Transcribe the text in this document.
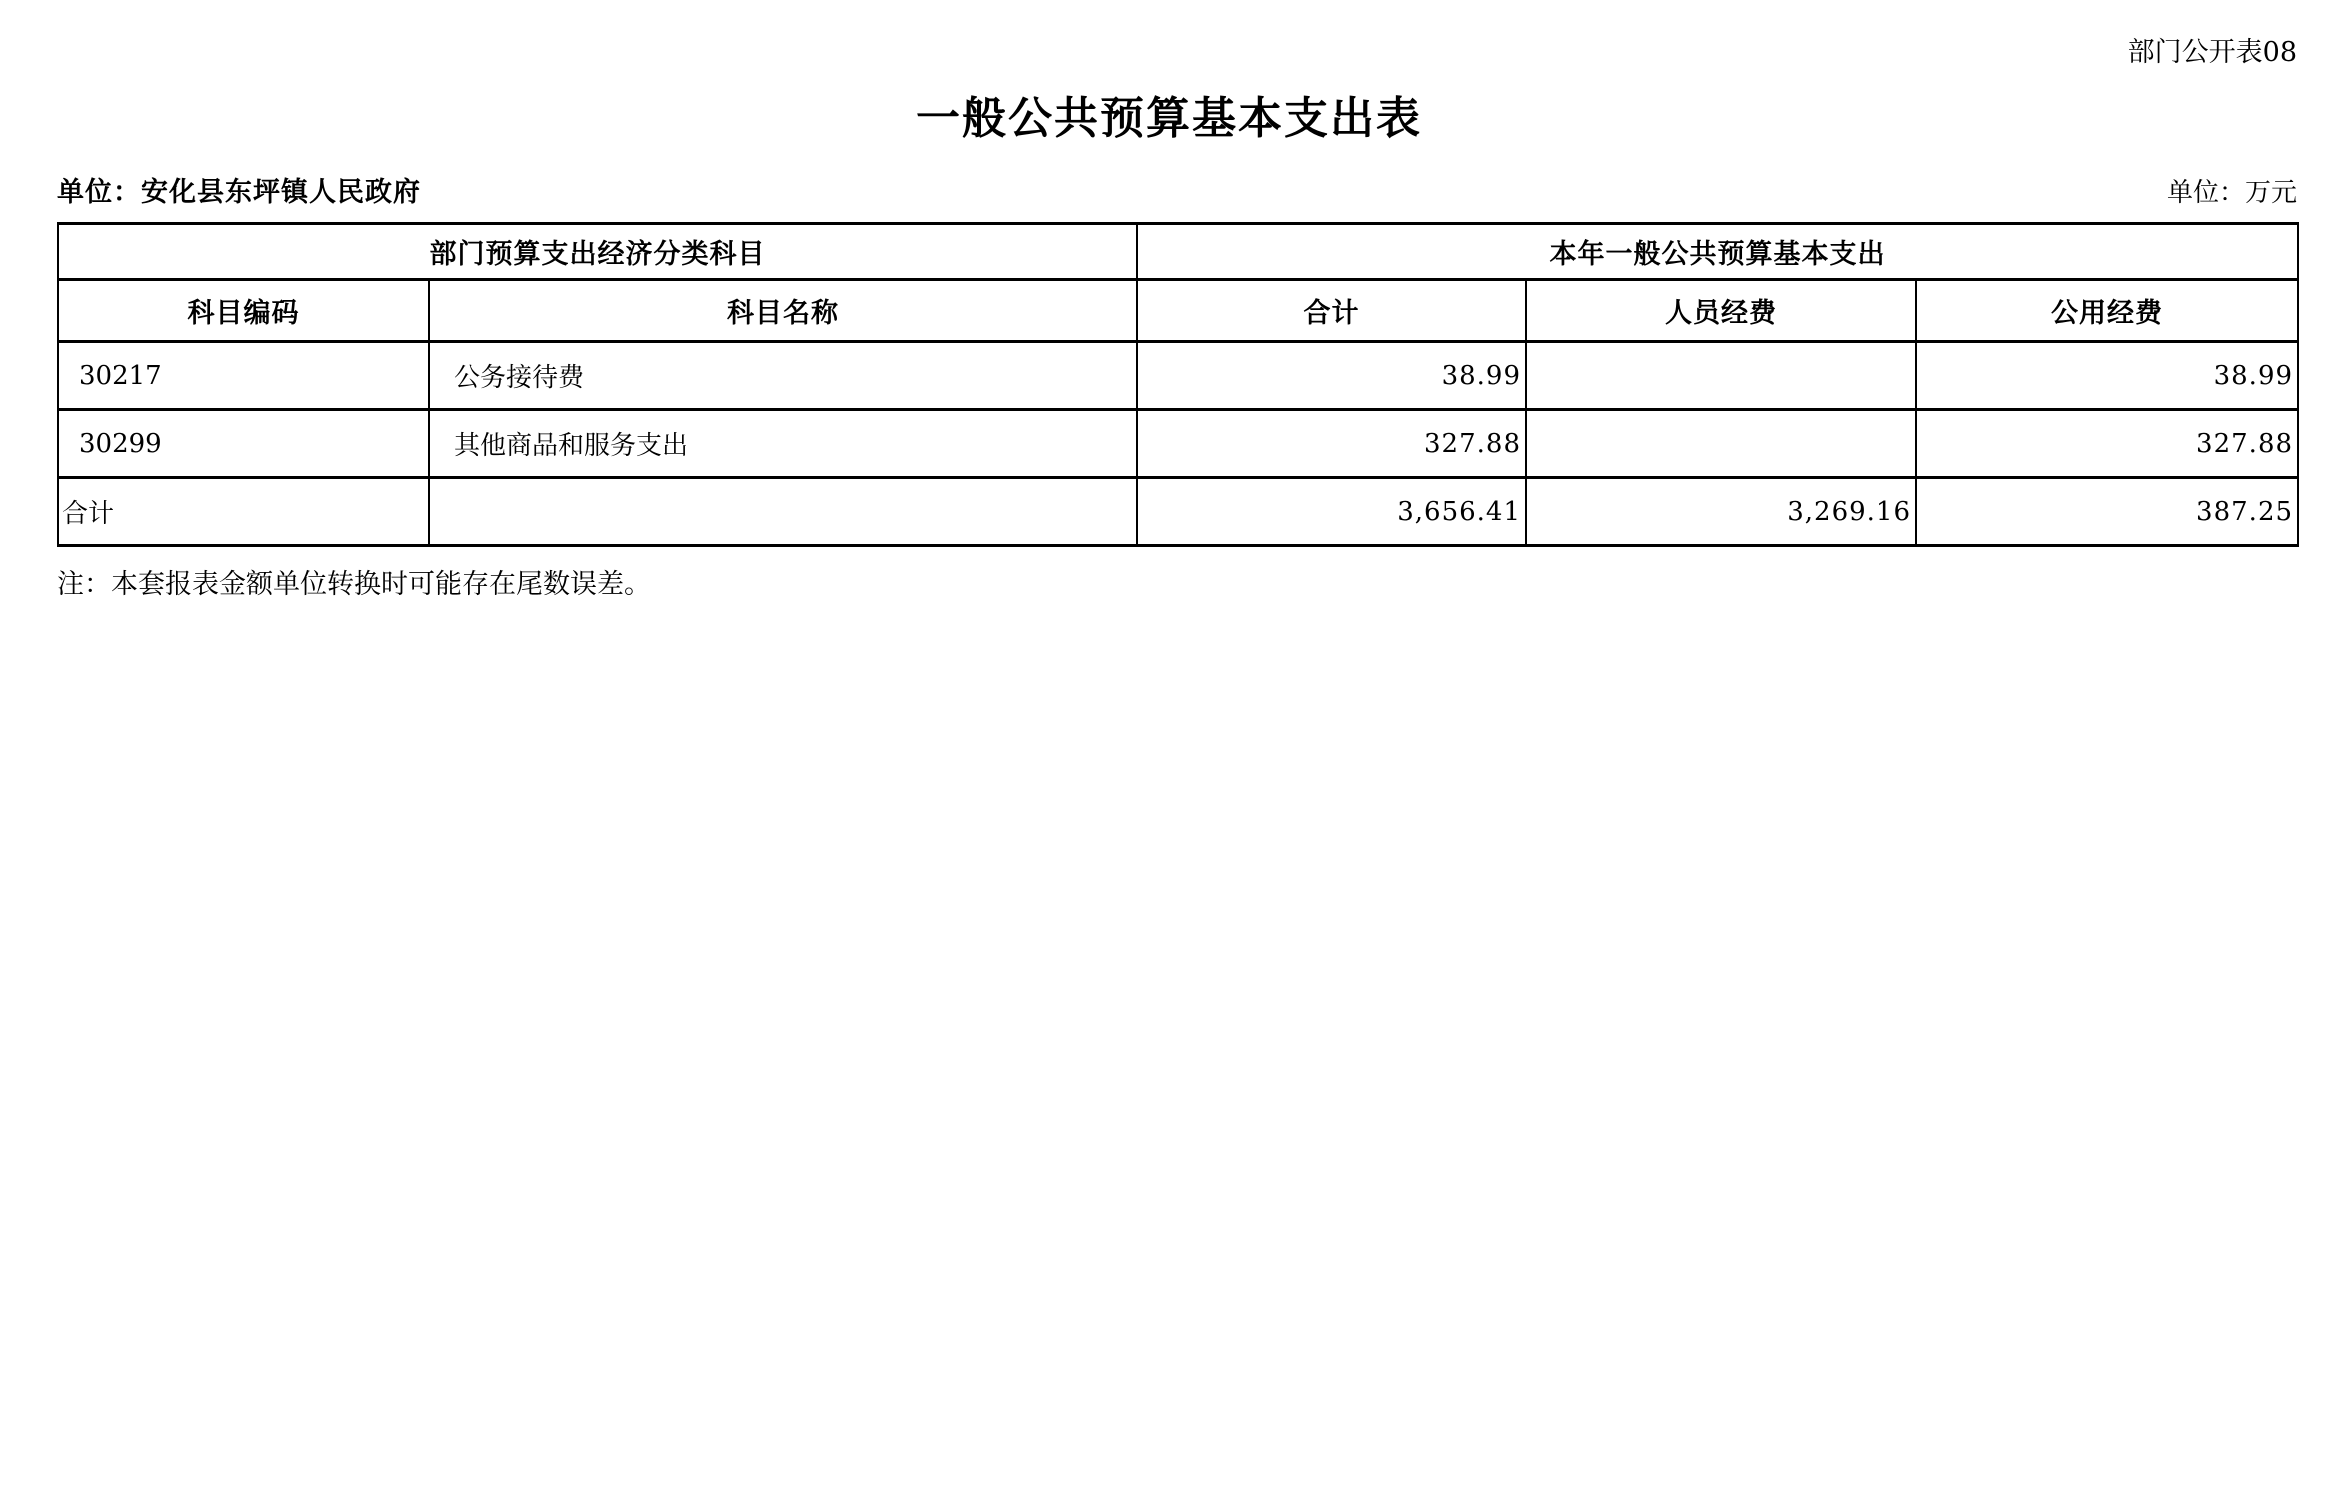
部门公开表08
一般公共预算基本支出表
单位：安化县东坪镇人民政府	单位：万元
部门预算支出经济分类科目		本年一般公共预算基本支出		
科目编码	科目名称	合计	人员经费	公用经费
30217	公务接待费	38.99		38.99
30299	其他商品和服务支出	327.88		327.88
合计		3,656.41	3,269.16	387.25
注：本套报表金额单位转换时可能存在尾数误差。
